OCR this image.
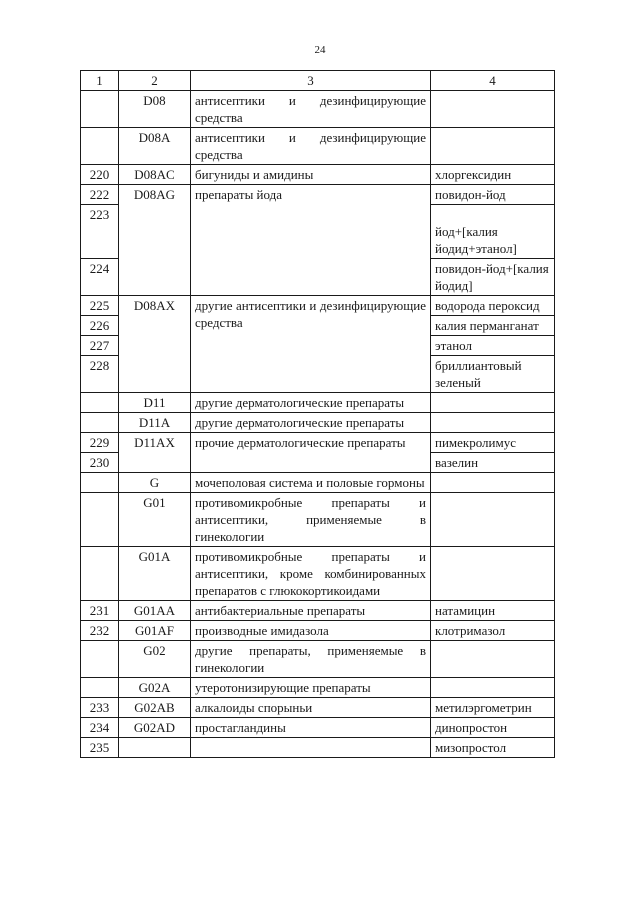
24
1	2	3	4
	D08	антисептики и дезинфицирующие средства	
	D08A	антисептики и дезинфицирующие средства	
220	D08AC	бигуниды и амидины	хлоргексидин
222	D08AG	препараты йода	повидон-йод
223			йод+[калия йодид+этанол]
224			повидон-йод+[калия йодид]
225	D08AX	другие антисептики и дезинфицирующие средства	водорода пероксид
226			калия перманганат
227			этанол
228			бриллиантовый зеленый
	D11	другие дерматологические препараты	
	D11A	другие дерматологические препараты	
229	D11AX	прочие дерматологические препараты	пимекролимус
230			вазелин
	G	мочеполовая система и половые гормоны	
	G01	противомикробные препараты и антисептики, применяемые в гинекологии	
	G01A	противомикробные препараты и антисептики, кроме комбинированных препаратов с глюкокортикоидами	
231	G01AA	антибактериальные препараты	натамицин
232	G01AF	производные имидазола	клотримазол
	G02	другие препараты, применяемые в гинекологии	
	G02A	утеротонизирующие препараты	
233	G02AB	алкалоиды спорыньи	метилэргометрин
234	G02AD	простагландины	динопростон
235			мизопростол
